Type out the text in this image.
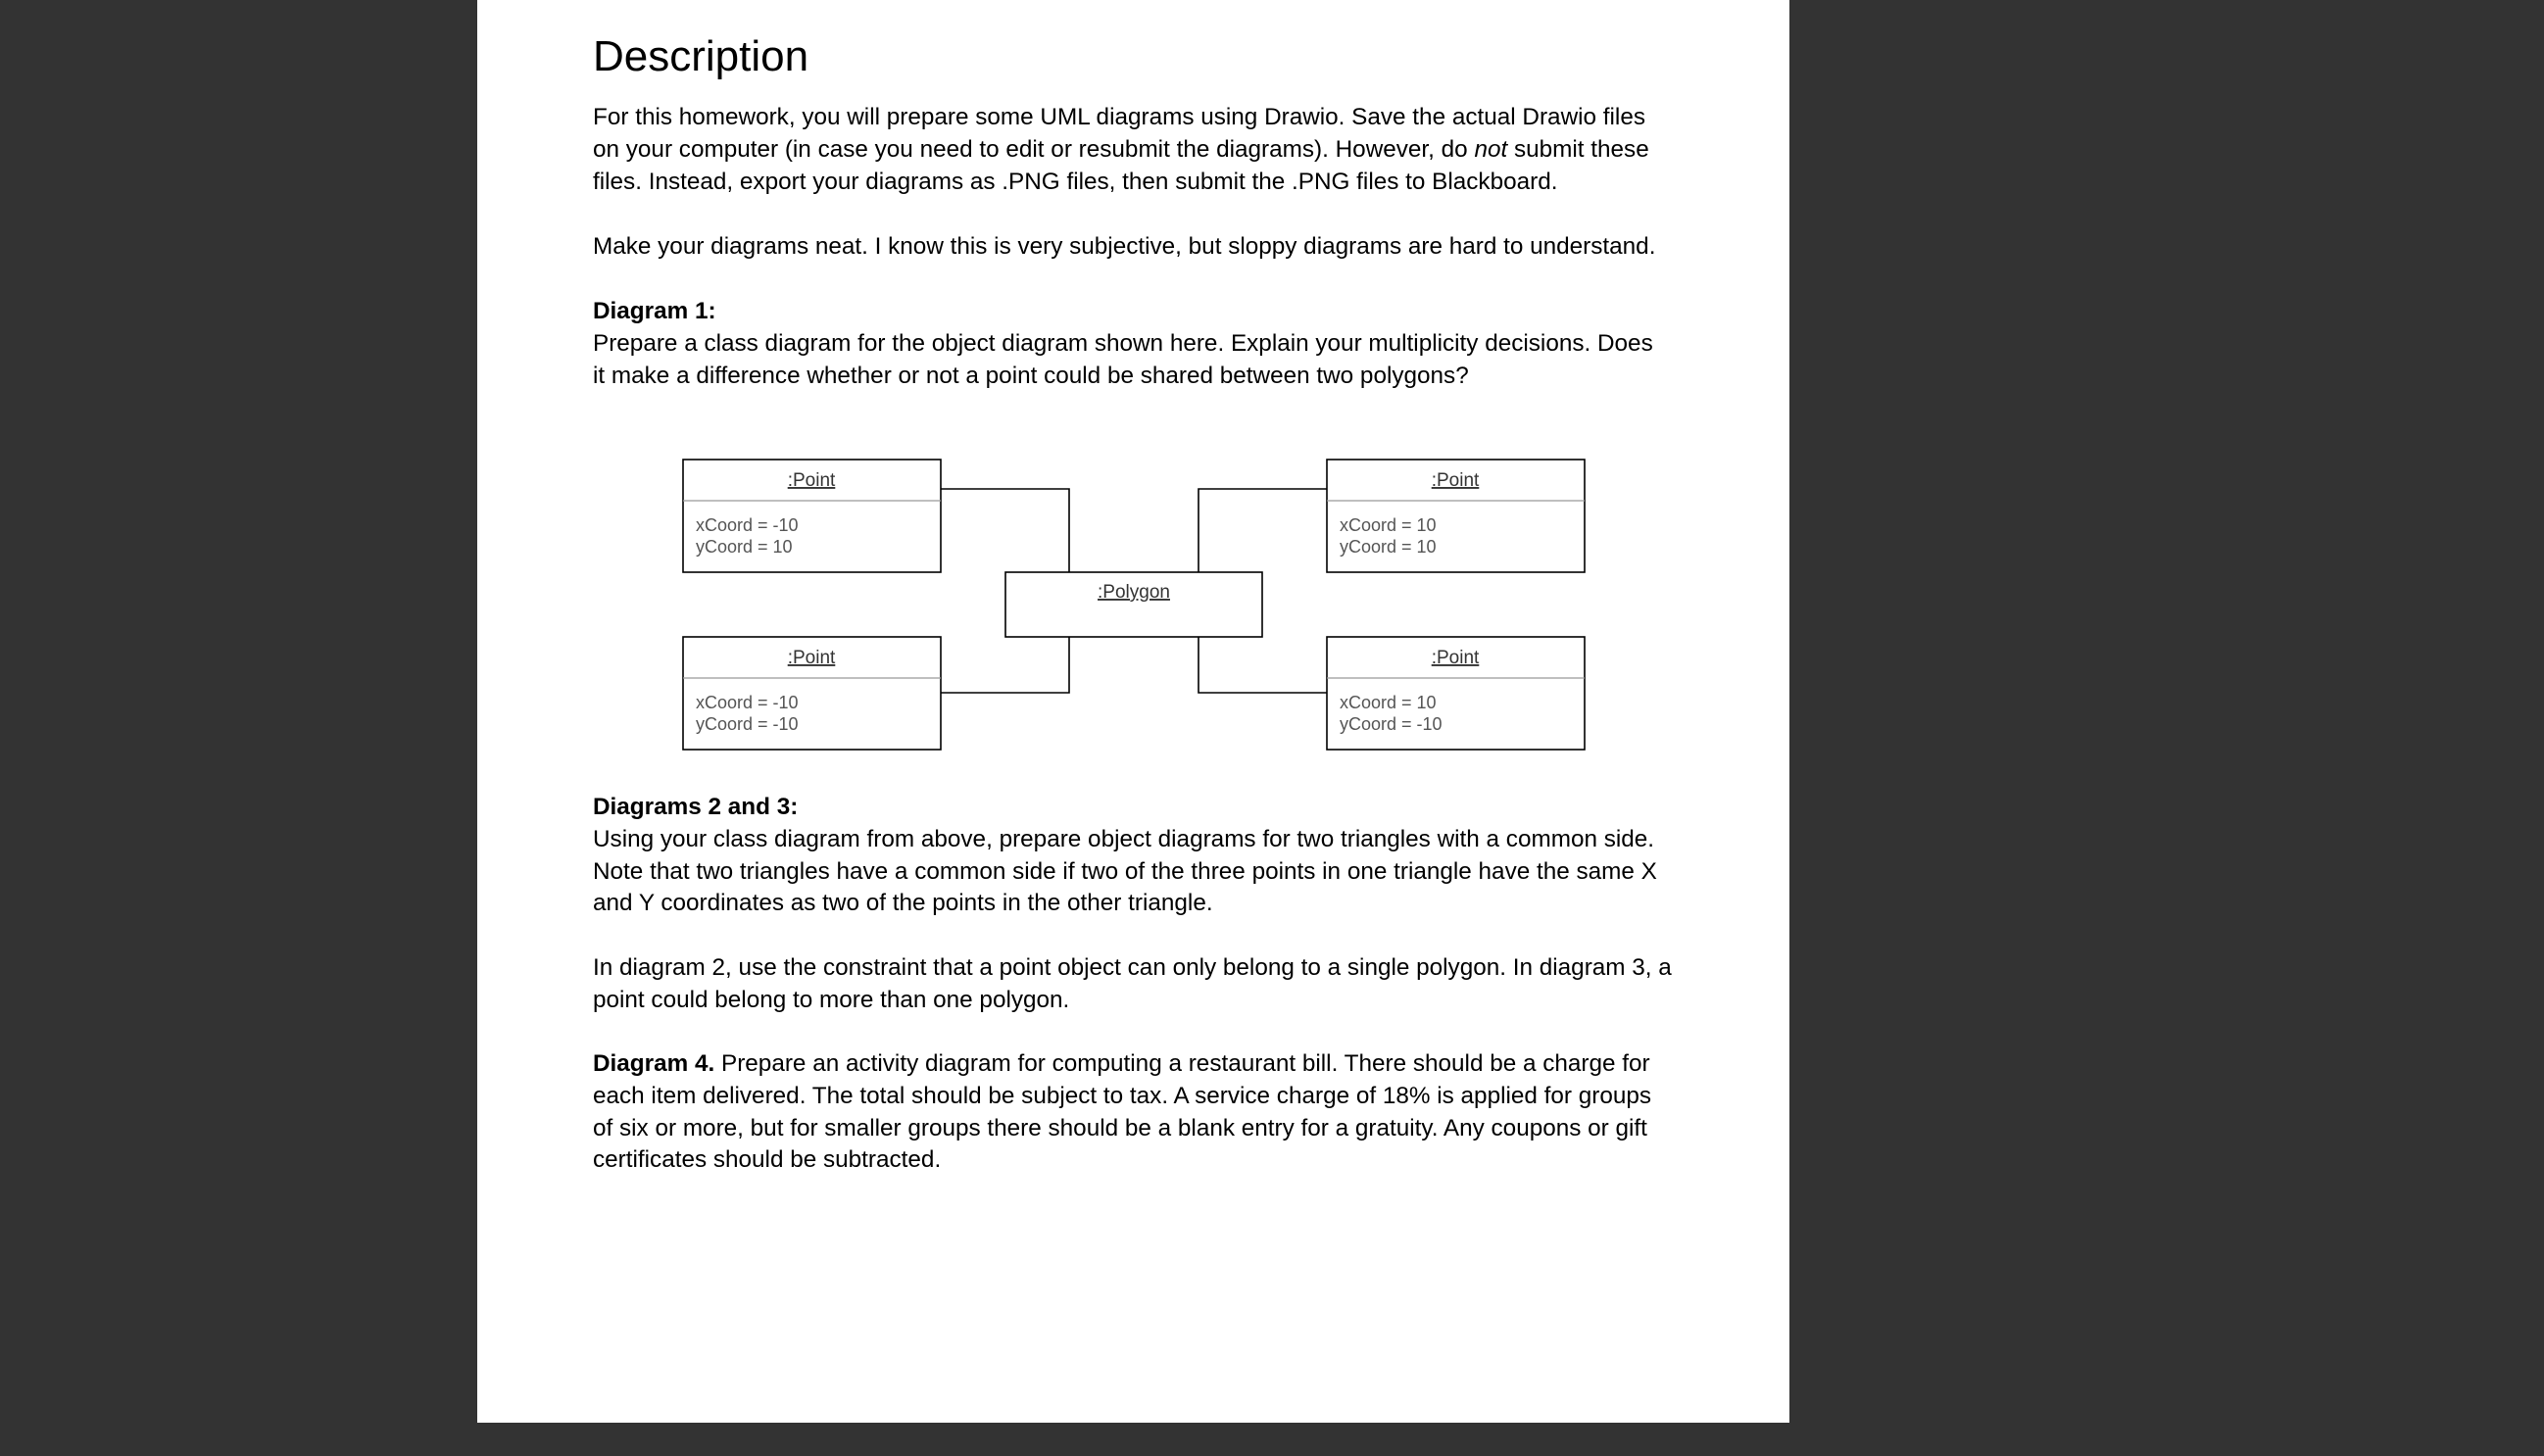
Description
For this homework, you will prepare some UML diagrams using Drawio. Save the actual Drawio files
on your computer (in case you need to edit or resubmit the diagrams). However, do not submit these
files. Instead, export your diagrams as .PNG files, then submit the .PNG files to Blackboard.
Make your diagrams neat. I know this is very subjective, but sloppy diagrams are hard to understand.
Diagram 1:
Prepare a class diagram for the object diagram shown here. Explain your multiplicity decisions. Does
it make a difference whether or not a point could be shared between two polygons?
Diagrams 2 and 3:
Using your class diagram from above, prepare object diagrams for two triangles with a common side.
Note that two triangles have a common side if two of the three points in one triangle have the same X
and Y coordinates as two of the points in the other triangle.
In diagram 2, use the constraint that a point object can only belong to a single polygon. In diagram 3, a
point could belong to more than one polygon.
Diagram 4. Prepare an activity diagram for computing a restaurant bill. There should be a charge for
each item delivered. The total should be subject to tax. A service charge of 18% is applied for groups
of six or more, but for smaller groups there should be a blank entry for a gratuity. Any coupons or gift
certificates should be subtracted.
:Polygon
:Point
xCoord = -10
yCoord = 10
:Point
xCoord = 10
yCoord = 10
:Point
xCoord = -10
yCoord = -10
:Point
xCoord = 10
yCoord = -10
